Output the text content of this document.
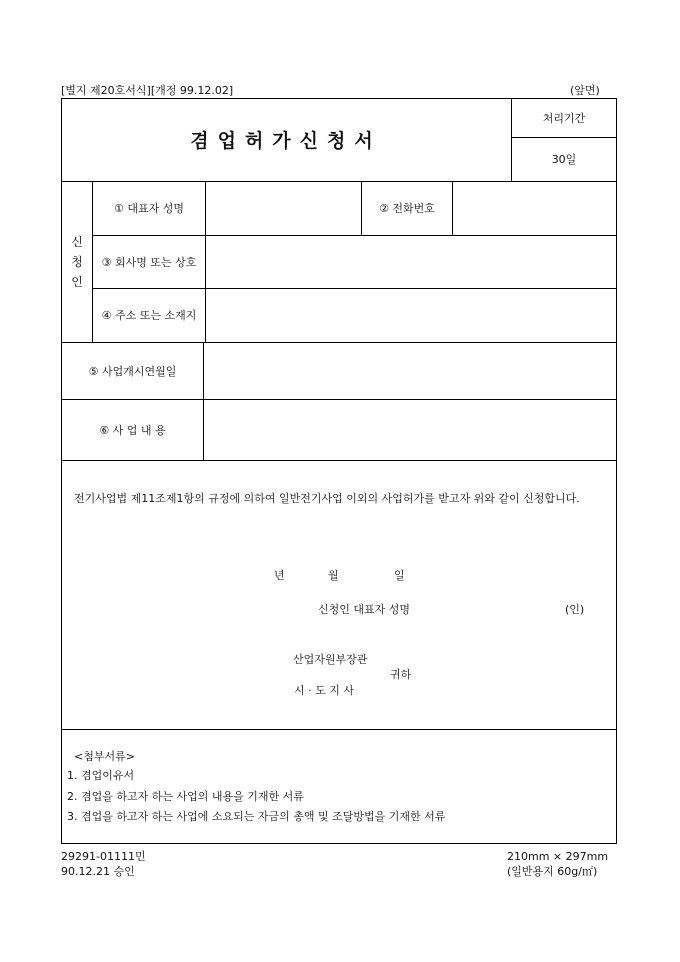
[별지 제20호서식][개정 99.12.02]	(앞면)
겸업허가신청서
처리기간
30일
신
청
인
① 대표자 성명	② 전화번호
③ 회사명 또는 상호
④ 주소 또는 소재지
⑤ 사업개시연월일
⑥ 사 업 내 용
전기사업법 제11조제1항의 규정에 의하여 일반전기사업 이외의 사업허가를 받고자 위와 같이 신청합니다.
년	월	일
신청인 대표자 성명	(인)
산업자원부장관
귀하
시 · 도 지 사
<첨부서류>
1. 겸업이유서
2. 겸업을 하고자 하는 사업의 내용을 기재한 서류
3. 겸업을 하고자 하는 사업에 소요되는 자금의 총액 및 조달방법을 기재한 서류
29291-01111민
90.12.21 승인
210mm × 297mm
(일반용지 60g/㎡)
